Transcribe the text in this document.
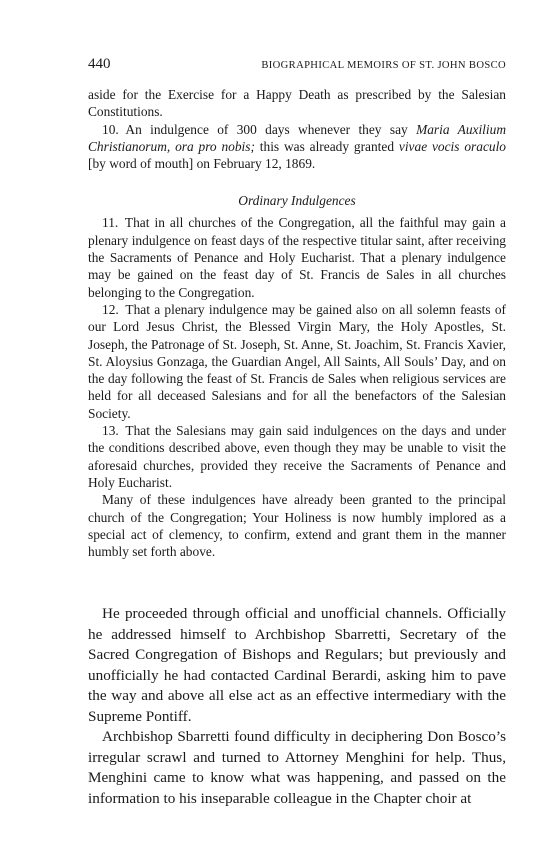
440	BIOGRAPHICAL MEMOIRS OF ST. JOHN BOSCO

aside for the Exercise for a Happy Death as prescribed by the Salesian Constitutions.

10. An indulgence of 300 days whenever they say Maria Auxilium Christianorum, ora pro nobis; this was already granted vivae vocis oraculo [by word of mouth] on February 12, 1869.

Ordinary Indulgences

11. That in all churches of the Congregation, all the faithful may gain a plenary indulgence on feast days of the respective titular saint, after receiving the Sacraments of Penance and Holy Eucharist. That a plenary indulgence may be gained on the feast day of St. Francis de Sales in all churches belonging to the Congregation.

12. That a plenary indulgence may be gained also on all solemn feasts of our Lord Jesus Christ, the Blessed Virgin Mary, the Holy Apostles, St. Joseph, the Patronage of St. Joseph, St. Anne, St. Joachim, St. Francis Xavier, St. Aloysius Gonzaga, the Guardian Angel, All Saints, All Souls’ Day, and on the day following the feast of St. Francis de Sales when religious services are held for all deceased Salesians and for all the benefactors of the Salesian Society.

13. That the Salesians may gain said indulgences on the days and under the conditions described above, even though they may be unable to visit the aforesaid churches, provided they receive the Sacraments of Penance and Holy Eucharist.

Many of these indulgences have already been granted to the principal church of the Congregation; Your Holiness is now humbly implored as a special act of clemency, to confirm, extend and grant them in the manner humbly set forth above.

He proceeded through official and unofficial channels. Officially he addressed himself to Archbishop Sbarretti, Secretary of the Sacred Congregation of Bishops and Regulars; but previously and unofficially he had contacted Cardinal Berardi, asking him to pave the way and above all else act as an effective intermediary with the Supreme Pontiff.

Archbishop Sbarretti found difficulty in deciphering Don Bosco’s irregular scrawl and turned to Attorney Menghini for help. Thus, Menghini came to know what was happening, and passed on the information to his inseparable colleague in the Chapter choir at
